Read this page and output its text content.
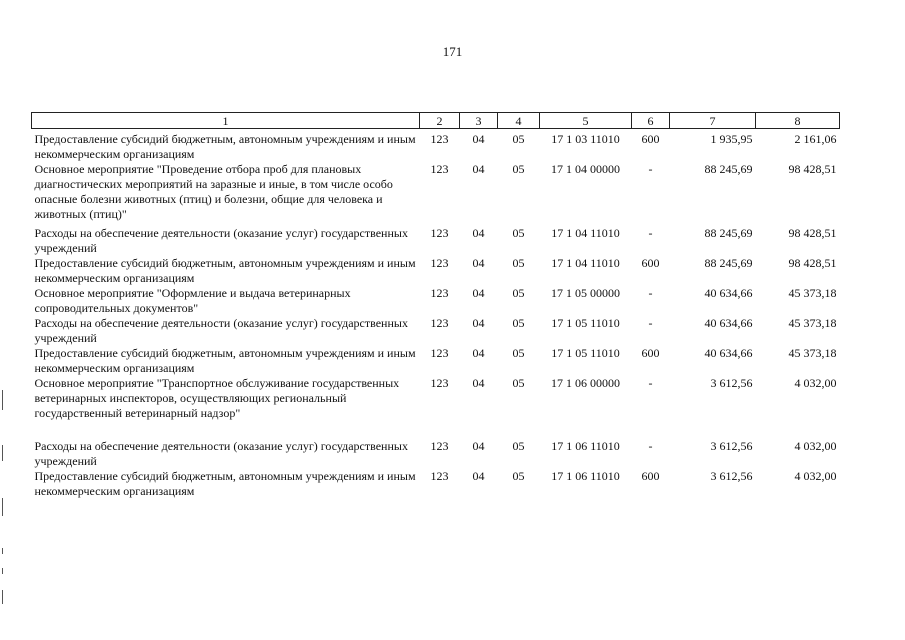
171
1	2	3	4	5	6	7	8
Предоставление субсидий бюджетным, автономным учреждениям и иным некоммерческим организациям	123	04	05	17 1 03 11010	600	1 935,95	2 161,06
Основное мероприятие "Проведение отбора проб для плановых диагностических мероприятий на заразные и иные, в том числе особо опасные болезни животных (птиц) и болезни, общие для человека и животных (птиц)"	123	04	05	17 1 04 00000	-	88 245,69	98 428,51
Расходы на обеспечение деятельности (оказание услуг) государственных учреждений	123	04	05	17 1 04 11010	-	88 245,69	98 428,51
Предоставление субсидий бюджетным, автономным учреждениям и иным некоммерческим организациям	123	04	05	17 1 04 11010	600	88 245,69	98 428,51
Основное мероприятие "Оформление и выдача ветеринарных сопроводительных документов"	123	04	05	17 1 05 00000	-	40 634,66	45 373,18
Расходы на обеспечение деятельности (оказание услуг) государственных учреждений	123	04	05	17 1 05 11010	-	40 634,66	45 373,18
Предоставление субсидий бюджетным, автономным учреждениям и иным некоммерческим организациям	123	04	05	17 1 05 11010	600	40 634,66	45 373,18
Основное мероприятие "Транспортное обслуживание государственных ветеринарных инспекторов, осуществляющих региональный государственный ветеринарный надзор"	123	04	05	17 1 06 00000	-	3 612,56	4 032,00
Расходы на обеспечение деятельности (оказание услуг) государственных учреждений	123	04	05	17 1 06 11010	-	3 612,56	4 032,00
Предоставление субсидий бюджетным, автономным учреждениям и иным некоммерческим организациям	123	04	05	17 1 06 11010	600	3 612,56	4 032,00
